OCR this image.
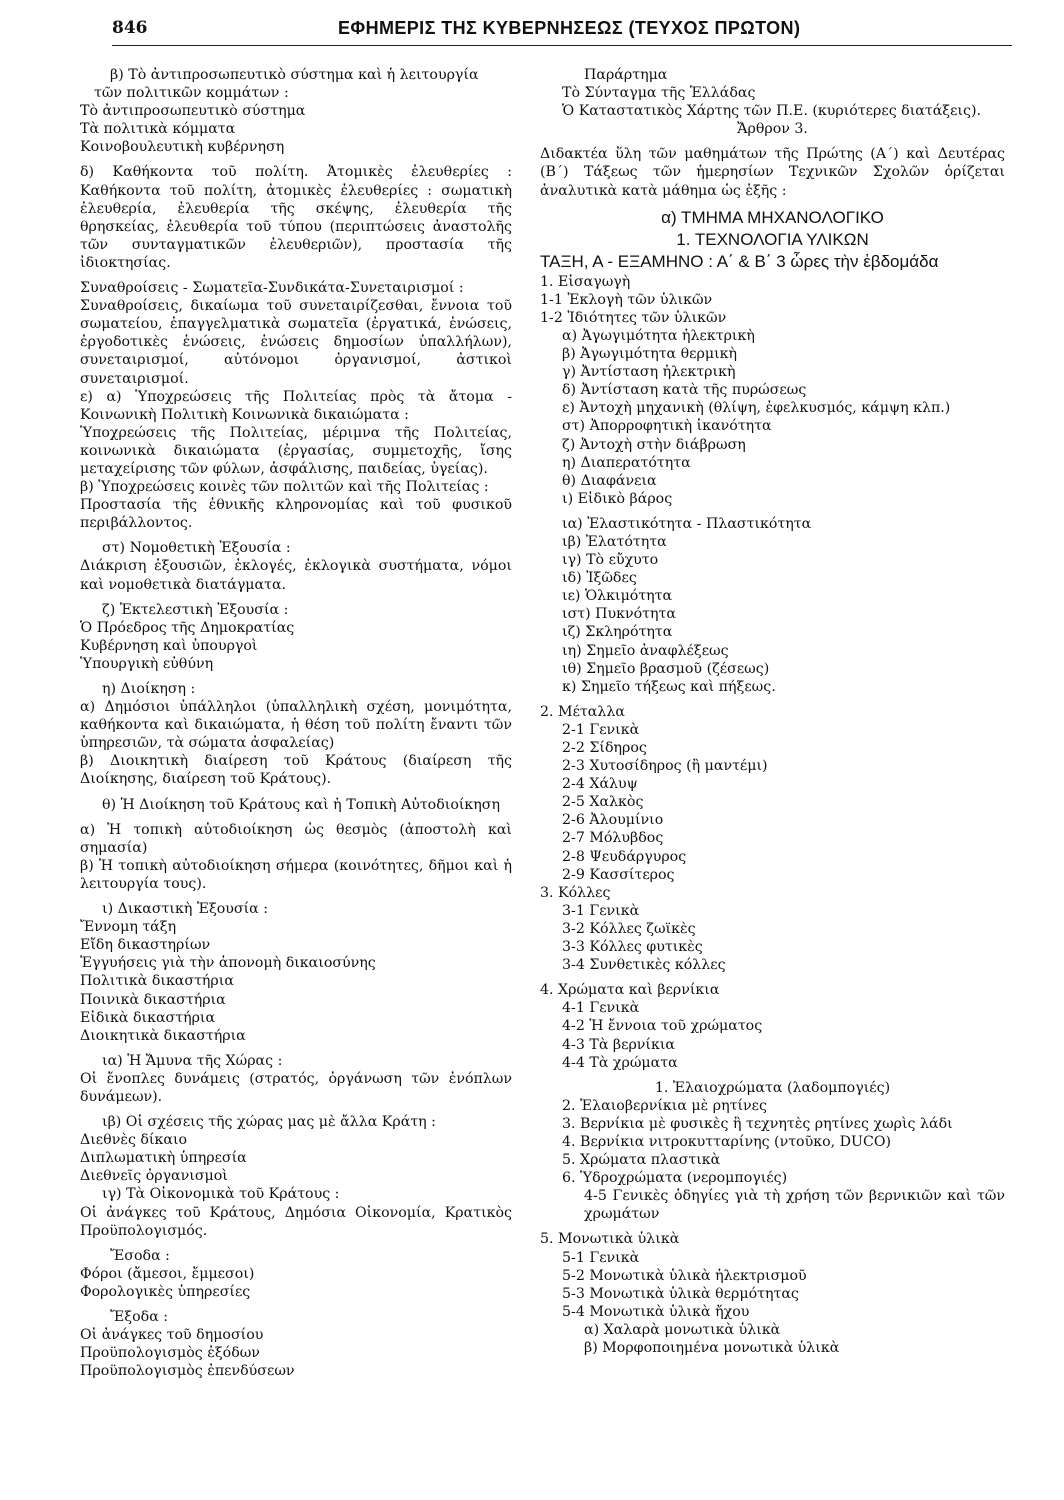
846	ΕΦΗΜΕΡΙΣ ΤΗΣ ΚΥΒΕΡΝΗΣΕΩΣ (ΤΕΥΧΟΣ ΠΡΩΤΟΝ)
β) Τὸ ἀντιπροσωπευτικὸ σύστημα καὶ ἡ λειτουργία
τῶν πολιτικῶν κομμάτων :
Τὸ ἀντιπροσωπευτικὸ σύστημα
Τὰ πολιτικὰ κόμματα
Κοινοβουλευτικὴ κυβέρνηση
δ) Καθήκοντα τοῦ πολίτη. Ἀτομικὲς ἐλευθερίες : Καθήκοντα τοῦ πολίτη, ἀτομικὲς ἐλευθερίες : σωματικὴ ἐλευθερία, ἐλευθερία τῆς σκέψης, ἐλευθερία τῆς θρησκείας, ἐλευθερία τοῦ τύπου (περιπτώσεις ἀναστολῆς τῶν συνταγματικῶν ἐλευθεριῶν), προστασία τῆς ἰδιοκτησίας.
Συναθροίσεις - Σωματεῖα-Συνδικάτα-Συνεταιρισμοί :
Συναθροίσεις, δικαίωμα τοῦ συνεταιρίζεσθαι, ἔννοια τοῦ σωματείου, ἐπαγγελματικὰ σωματεῖα (ἐργατικά, ἑνώσεις, ἐργοδοτικὲς ἑνώσεις, ἑνώσεις δημοσίων ὑπαλλήλων), συνεταιρισμοί, αὐτόνομοι ὀργανισμοί, ἀστικοὶ συνεταιρισμοί.
ε) α) Ὑποχρεώσεις τῆς Πολιτείας πρὸς τὰ ἄτομα - Κοινωνικὴ Πολιτικὴ Κοινωνικὰ δικαιώματα :
Ὑποχρεώσεις τῆς Πολιτείας, μέριμνα τῆς Πολιτείας, κοινωνικὰ δικαιώματα (ἐργασίας, συμμετοχῆς, ἴσης μεταχείρισης τῶν φύλων, ἀσφάλισης, παιδείας, ὑγείας).
β) Ὑποχρεώσεις κοινὲς τῶν πολιτῶν καὶ τῆς Πολιτείας :
Προστασία τῆς ἐθνικῆς κληρονομίας καὶ τοῦ φυσικοῦ περιβάλλοντος.
στ) Νομοθετικὴ Ἐξουσία :
Διάκριση ἐξουσιῶν, ἐκλογές, ἐκλογικὰ συστήματα, νόμοι καὶ νομοθετικὰ διατάγματα.
ζ) Ἐκτελεστικὴ Ἐξουσία :
Ὁ Πρόεδρος τῆς Δημοκρατίας
Κυβέρνηση καὶ ὑπουργοὶ
Ὑπουργικὴ εὐθύνη
η) Διοίκηση :
α) Δημόσιοι ὑπάλληλοι (ὑπαλληλικὴ σχέση, μονιμότητα, καθήκοντα καὶ δικαιώματα, ἡ θέση τοῦ πολίτη ἔναντι τῶν ὑπηρεσιῶν, τὰ σώματα ἀσφαλείας)
β) Διοικητικὴ διαίρεση τοῦ Κράτους (διαίρεση τῆς Διοίκησης, διαίρεση τοῦ Κράτους).
θ) Ἡ Διοίκηση τοῦ Κράτους καὶ ἡ Τοπικὴ Αὐτοδιοίκηση
α) Ἡ τοπικὴ αὐτοδιοίκηση ὡς θεσμὸς (ἀποστολὴ καὶ σημασία)
β) Ἡ τοπικὴ αὐτοδιοίκηση σήμερα (κοινότητες, δῆμοι καὶ ἡ λειτουργία τους).
ι) Δικαστικὴ Ἐξουσία :
Ἔννομη τάξη
Εἴδη δικαστηρίων
Ἐγγυήσεις γιὰ τὴν ἀπονομὴ δικαιοσύνης
Πολιτικὰ δικαστήρια
Ποινικὰ δικαστήρια
Εἰδικὰ δικαστήρια
Διοικητικὰ δικαστήρια
ια) Ἡ Ἄμυνα τῆς Χώρας :
Οἱ ἔνοπλες δυνάμεις (στρατός, ὀργάνωση τῶν ἐνόπλων δυνάμεων).
ιβ) Οἱ σχέσεις τῆς χώρας μας μὲ ἄλλα Κράτη :
Διεθνὲς δίκαιο
Διπλωματικὴ ὑπηρεσία
Διεθνεῖς ὀργανισμοὶ
ιγ) Τὰ Οἰκονομικὰ τοῦ Κράτους :
Οἱ ἀνάγκες τοῦ Κράτους, Δημόσια Οἰκονομία, Κρατικὸς Προϋπολογισμός.
Ἔσοδα :
Φόροι (ἄμεσοι, ἔμμεσοι)
Φορολογικὲς ὑπηρεσίες
Ἔξοδα :
Οἱ ἀνάγκες τοῦ δημοσίου
Προϋπολογισμὸς ἐξόδων
Προϋπολογισμὸς ἐπενδύσεων
Παράρτημα
Τὸ Σύνταγμα τῆς Ἑλλάδας
Ὁ Καταστατικὸς Χάρτης τῶν Π.Ε. (κυριότερες διατάξεις).
Ἄρθρον 3.
Διδακτέα ὕλη τῶν μαθημάτων τῆς Πρώτης (Α΄) καὶ Δευτέρας (Β΄) Τάξεως τῶν ἡμερησίων Τεχνικῶν Σχολῶν ὁρίζεται ἀναλυτικὰ κατὰ μάθημα ὡς ἑξῆς :
α) ΤΜΗΜΑ ΜΗΧΑΝΟΛΟΓΙΚΟ
1. ΤΕΧΝΟΛΟΓΙΑ ΥΛΙΚΩΝ
ΤΑΞΗ, Α - ΕΞΑΜΗΝΟ : Α΄ & Β΄ 3 ὧρες τὴν ἑβδομάδα
1. Εἰσαγωγὴ
1-1 Ἐκλογὴ τῶν ὑλικῶν
1-2 Ἰδιότητες τῶν ὑλικῶν
α) Ἀγωγιμότητα ἠλεκτρικὴ
β) Ἀγωγιμότητα θερμικὴ
γ) Ἀντίσταση ἠλεκτρικὴ
δ) Ἀντίσταση κατὰ τῆς πυρώσεως
ε) Ἀντοχὴ μηχανικὴ (θλίψη, ἐφελκυσμός, κάμψη κλπ.)
στ) Ἀπορροφητικὴ ἱκανότητα
ζ) Ἀντοχὴ στὴν διάβρωση
η) Διαπερατότητα
θ) Διαφάνεια
ι) Εἰδικὸ βάρος
ια) Ἐλαστικότητα - Πλαστικότητα
ιβ) Ἐλατότητα
ιγ) Τὸ εὔχυτο
ιδ) Ἰξῶδες
ιε) Ὁλκιμότητα
ιστ) Πυκνότητα
ιζ) Σκληρότητα
ιη) Σημεῖο ἀναφλέξεως
ιθ) Σημεῖο βρασμοῦ (ζέσεως)
κ) Σημεῖο τήξεως καὶ πήξεως.
2. Μέταλλα
2-1 Γενικὰ
2-2 Σίδηρος
2-3 Χυτοσίδηρος (ἢ μαντέμι)
2-4 Χάλυψ
2-5 Χαλκὸς
2-6 Ἀλουμίνιο
2-7 Μόλυβδος
2-8 Ψευδάργυρος
2-9 Κασσίτερος
3. Κόλλες
3-1 Γενικὰ
3-2 Κόλλες ζωϊκὲς
3-3 Κόλλες φυτικὲς
3-4 Συνθετικὲς κόλλες
4. Χρώματα καὶ βερνίκια
4-1 Γενικὰ
4-2 Ἡ ἔννοια τοῦ χρώματος
4-3 Τὰ βερνίκια
4-4 Τὰ χρώματα
1. Ἐλαιοχρώματα (λαδομπογιές)
2. Ἐλαιοβερνίκια μὲ ρητίνες
3. Βερνίκια μὲ φυσικὲς ἢ τεχνητὲς ρητίνες χωρὶς λάδι
4. Βερνίκια νιτροκυτταρίνης (ντοῦκο, DUCO)
5. Χρώματα πλαστικὰ
6. Ὑδροχρώματα (νερομπογιές)
4-5 Γενικὲς ὁδηγίες γιὰ τὴ χρήση τῶν βερνικιῶν καὶ τῶν χρωμάτων
5. Μονωτικὰ ὑλικὰ
5-1 Γενικὰ
5-2 Μονωτικὰ ὑλικὰ ἠλεκτρισμοῦ
5-3 Μονωτικὰ ὑλικὰ θερμότητας
5-4 Μονωτικὰ ὑλικὰ ἤχου
α) Χαλαρὰ μονωτικὰ ὑλικὰ
β) Μορφοποιημένα μονωτικὰ ὑλικὰ
